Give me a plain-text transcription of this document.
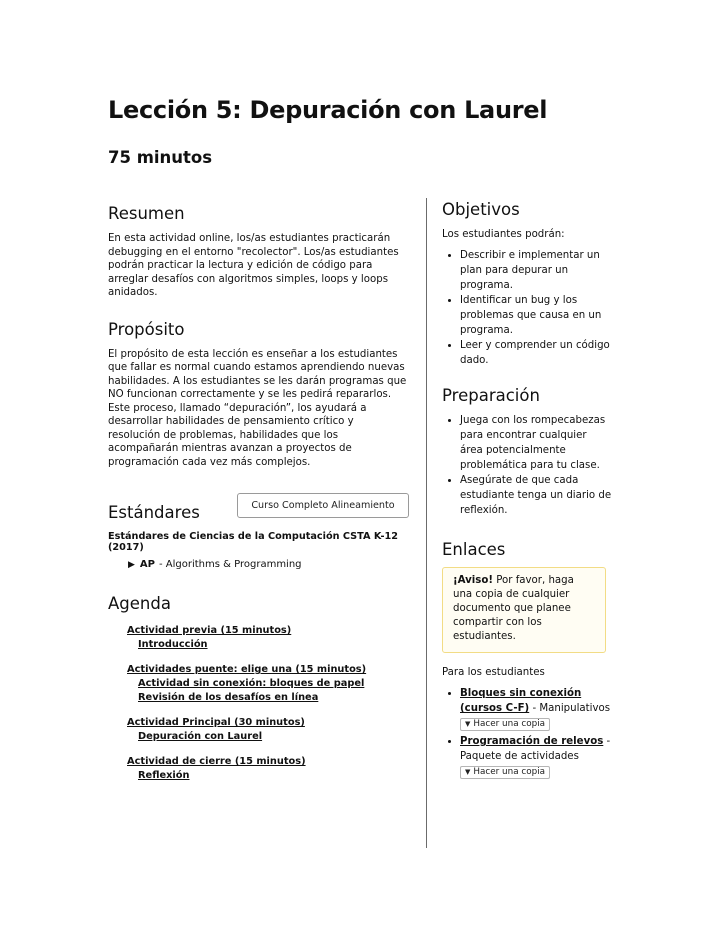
Lección 5: Depuración con Laurel
75 minutos
Resumen

En esta actividad online, los/as estudiantes practicarán debugging en el entorno "recolector". Los/as estudiantes podrán practicar la lectura y edición de código para arreglar desafíos con algoritmos simples, loops y loops anidados.

Propósito

El propósito de esta lección es enseñar a los estudiantes que fallar es normal cuando estamos aprendiendo nuevas habilidades. A los estudiantes se les darán programas que NO funcionan correctamente y se les pedirá repararlos. Este proceso, llamado “depuración”, los ayudará a desarrollar habilidades de pensamiento crítico y resolución de problemas, habilidades que los acompañarán mientras avanzan a proyectos de programación cada vez más complejos.

Estándares	Curso Completo Alineamiento
Estándares de Ciencias de la Computación CSTA K-12 (2017)
▶ AP - Algorithms & Programming
Agenda
Actividad previa (15 minutos)
Introducción
Actividades puente: elige una (15 minutos)
Actividad sin conexión: bloques de papel
Revisión de los desafíos en línea
Actividad Principal (30 minutos)
Depuración con Laurel
Actividad de cierre (15 minutos)
Reflexión
Objetivos

Los estudiantes podrán:

• Describir e implementar un plan para depurar un programa.
• Identificar un bug y los problemas que causa en un programa.
• Leer y comprender un código dado.
Preparación
• Juega con los rompecabezas para encontrar cualquier área potencialmente problemática para tu clase.
• Asegúrate de que cada estudiante tenga un diario de reflexión.
Enlaces
¡Aviso! Por favor, haga una copia de cualquier documento que planee compartir con los estudiantes.

Para los estudiantes

• Bloques sin conexión (cursos C-F) - Manipulativos

▼ Hacer una copia
• Programación de relevos - Paquete de actividades

▼ Hacer una copia
